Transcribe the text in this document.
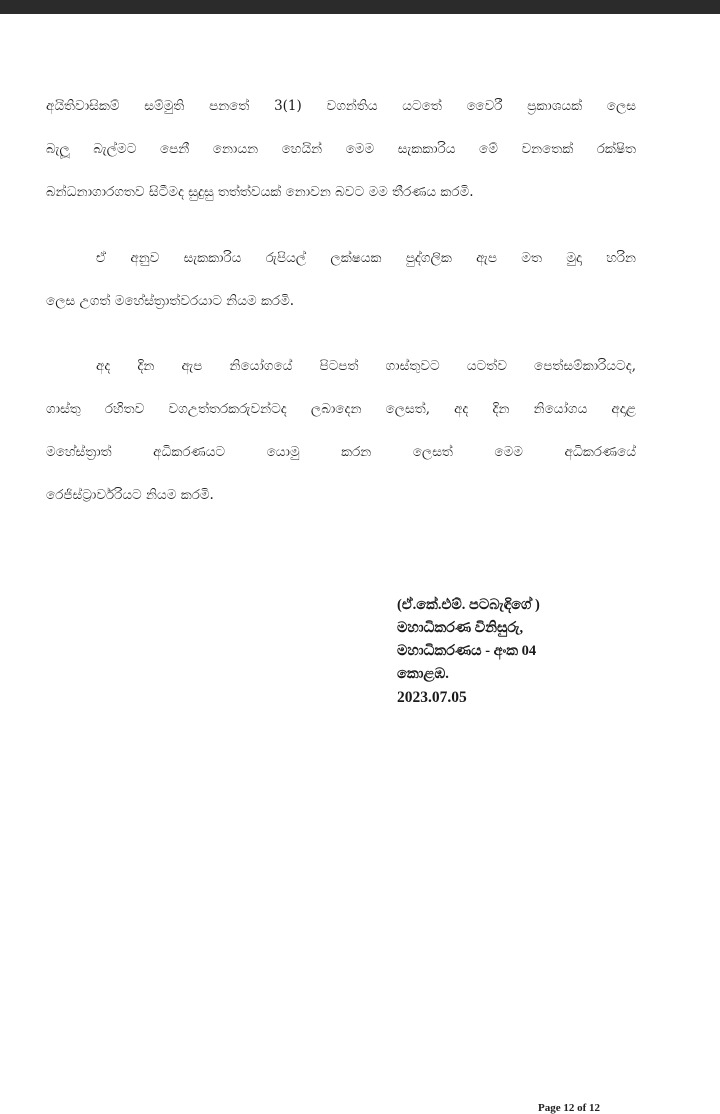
අයිතිවාසිකම් සම්මුති පනතේ 3(1) වගන්තිය යටතේ වෛරී ප්‍රකාශයක් ලෙස
බැලූ බැල්මට පෙනී නොයන හෙයින් මෙම සැකකාරිය මේ වනතෙක් රක්ෂිත
බන්ධනාගාරගතව සිටීමද සුදුසු තත්ත්වයක් නොවන බවට මම තීරණය කරමි.
ඒ අනුව සැකකාරිය රුපියල් ලක්ෂයක පුද්ගලික ඇප මත මුදා හරින
ලෙස උගත් මහේස්ත්‍රාත්වරයාට නියම කරමි.
අද දින ඇප නියෝගයේ පිටපත් ගාස්තුවට යටත්ව පෙත්සම්කාරියටද,
ගාස්තු රහිතව වගඋත්තරකරුවන්ටද ලබාදෙන ලෙසත්, අද දින නියෝගය අදාළ
මහේස්ත්‍රාත් අධිකරණයට යොමු කරන ලෙසත් මෙම අධිකරණයේ
රෙජිස්ට්‍රාර්වරියට නියම කරමි.
(ඒ.කේ.එම්. පටබැඳිගේ )
මහාධිකරණ විනිසුරු,
මහාධිකරණය - අංක 04
කොළඹ.
2023.07.05
Page 12 of 12
